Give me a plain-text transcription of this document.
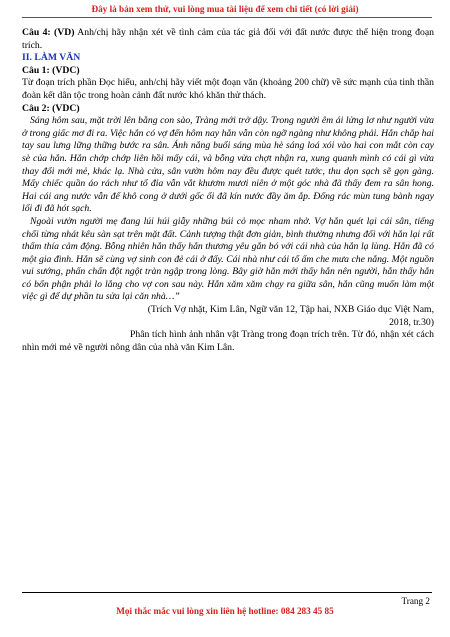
Đây là bản xem thử, vui lòng mua tài liệu để xem chi tiết (có lời giải)

Câu 4: (VD) Anh/chị hãy nhận xét về tình cảm của tác giả đối với đất nước được thể hiện trong đoạn trích.

II. LÀM VĂN

Câu 1: (VDC)

Từ đoạn trích phần Đọc hiểu, anh/chị hãy viết một đoạn văn (khoảng 200 chữ) về sức mạnh của tinh thần đoàn kết dân tộc trong hoàn cảnh đất nước khó khăn thử thách.

Câu 2: (VDC)

Sáng hôm sau, mặt trời lên bằng con sào, Tràng mới trở dậy. Trong người êm ái lửng lơ như người vừa ở trong giấc mơ đi ra. Việc hắn có vợ đến hôm nay hắn vẫn còn ngỡ ngàng như không phải. Hắn chắp hai tay sau lưng lững thững bước ra sân. Ánh nắng buổi sáng mùa hè sáng loá xói vào hai con mắt còn cay sè của hắn. Hắn chớp chớp liên hồi mấy cái, và bỗng vừa chợt nhận ra, xung quanh mình có cái gì vừa thay đổi mới mẻ, khác lạ. Nhà cửa, sân vườn hôm nay đều được quét tước, thu dọn sạch sẽ gọn gàng. Mấy chiếc quần áo rách như tổ đỉa vẫn vắt khươm mươi niên ở một góc nhà đã thấy đem ra sân hong. Hai cái ang nước vẫn để khô cong ở dưới gốc ổi đã kín nước đầy ăm ắp. Đống rác mùn tung bành ngay lối đi đã hót sạch.

Ngoài vườn người mẹ đang lúi húi giẫy những búi cỏ mọc nham nhở. Vợ hắn quét lại cái sân, tiếng chổi từng nhát kêu sàn sạt trên mặt đất. Cảnh tượng thật đơn giản, bình thường nhưng đối với hắn lại rất thấm thía cảm động. Bỗng nhiên hắn thấy hắn thương yêu gắn bó với cái nhà của hắn lạ lùng. Hắn đã có một gia đình. Hắn sẽ cùng vợ sinh con đẻ cái ở đấy. Cái nhà như cái tổ ấm che mưa che nắng. Một nguồn vui sướng, phấn chấn đột ngột tràn ngập trong lòng. Bây giờ hắn mới thấy hắn nên người, hắn thấy hắn có bổn phận phải lo lắng cho vợ con sau này. Hắn xăm xăm chạy ra giữa sân, hắn cũng muốn làm một việc gì để dự phần tu sửa lại căn nhà…”

(Trích Vợ nhặt, Kim Lân, Ngữ văn 12, Tập hai, NXB Giáo dục Việt Nam,

2018, tr.30)

Phân tích hình ảnh nhân vật Tràng trong đoạn trích trên. Từ đó, nhận xét cách nhìn mới mẻ về người nông dân của nhà văn Kim Lân.

Trang 2
Mọi thắc mắc vui lòng xin liên hệ hotline: 084 283 45 85
